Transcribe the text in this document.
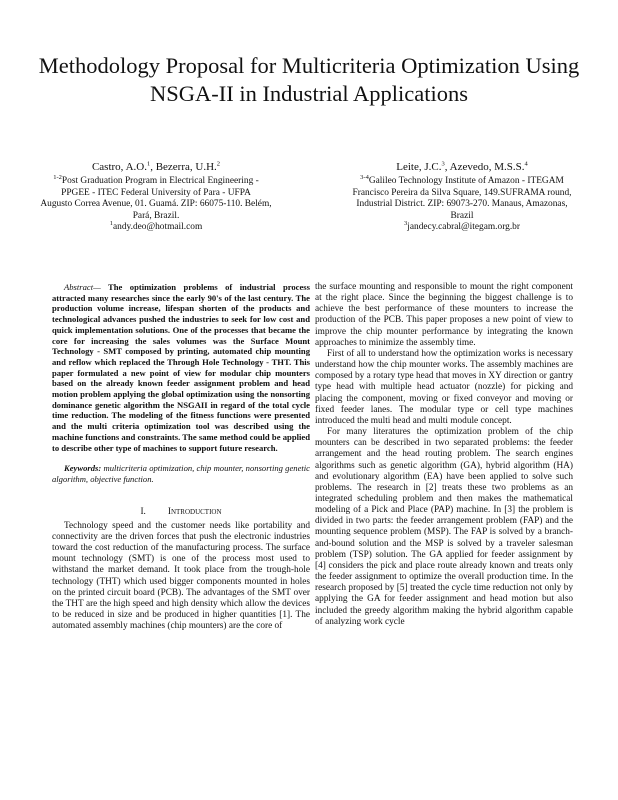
Methodology Proposal for Multicriteria Optimization Using
NSGA-II in Industrial Applications
Castro, A.O.$^1$, Bezerra, U.H.$^2$
$^{1-2}$Post Graduation Program in Electrical Engineering -
PPGEE - ITEC Federal University of Para - UFPA
Augusto Correa Avenue, 01. Guamá. ZIP: 66075-110. Belém,
Pará, Brazil.
$^1$andy.deo@hotmail.com
Leite, J.C.$^3$, Azevedo, M.S.S.$^4$
$^{3-4}$Galileo Technology Institute of Amazon - ITEGAM
Francisco Pereira da Silva Square, 149.SUFRAMA round,
Industrial District. ZIP: 69073-270. Manaus, Amazonas,
Brazil
$^3$jandecy.cabral@itegam.org.br

Abstract— The optimization problems of industrial process attracted many researches since the early 90's of the last century. The production volume increase, lifespan shorten of the products and technological advances pushed the industries to seek for low cost and quick implementation solutions. One of the processes that became the core for increasing the sales volumes was the Surface Mount Technology - SMT composed by printing, automated chip mounting and reflow which replaced the Through Hole Technology - THT. This paper formulated a new point of view for modular chip mounters based on the already known feeder assignment problem and head motion problem applying the global optimization using the nonsorting dominance genetic algorithm the NSGAII in regard of the total cycle time reduction. The modeling of the fitness functions were presented and the multi criteria optimization tool was described using the machine functions and constraints. The same method could be applied to describe other type of machines to support future research.

Keywords: multicriteria optimization, chip mounter, nonsorting genetic algorithm, objective function.

I. Introduction

Technology speed and the customer needs like portability and connectivity are the driven forces that push the electronic industries toward the cost reduction of the manufacturing process. The surface mount technology (SMT) is one of the process most used to withstand the market demand. It took place from the trough-hole technology (THT) which used bigger components mounted in holes on the printed circuit board (PCB). The advantages of the SMT over the THT are the high speed and high density which allow the devices to be reduced in size and be produced in higher quantities [1]. The automated assembly machines (chip mounters) are the core of

the surface mounting and responsible to mount the right component at the right place. Since the beginning the biggest challenge is to achieve the best performance of these mounters to increase the production of the PCB. This paper proposes a new point of view to improve the chip mounter performance by integrating the known approaches to minimize the assembly time.

First of all to understand how the optimization works is necessary understand how the chip mounter works. The assembly machines are composed by a rotary type head that moves in XY direction or gantry type head with multiple head actuator (nozzle) for picking and placing the component, moving or fixed conveyor and moving or fixed feeder lanes. The modular type or cell type machines introduced the multi head and multi module concept.

For many literatures the optimization problem of the chip mounters can be described in two separated problems: the feeder arrangement and the head routing problem. The search engines algorithms such as genetic algorithm (GA), hybrid algorithm (HA) and evolutionary algorithm (EA) have been applied to solve such problems. The research in [2] treats these two problems as an integrated scheduling problem and then makes the mathematical modeling of a Pick and Place (PAP) machine. In [3] the problem is divided in two parts: the feeder arrangement problem (FAP) and the mounting sequence problem (MSP). The FAP is solved by a branch-and-bound solution and the MSP is solved by a traveler salesman problem (TSP) solution. The GA applied for feeder assignment by [4] considers the pick and place route already known and treats only the feeder assignment to optimize the overall production time. In the research proposed by [5] treated the cycle time reduction not only by applying the GA for feeder assignment and head motion but also included the greedy algorithm making the hybrid algorithm capable of analyzing work cycle
